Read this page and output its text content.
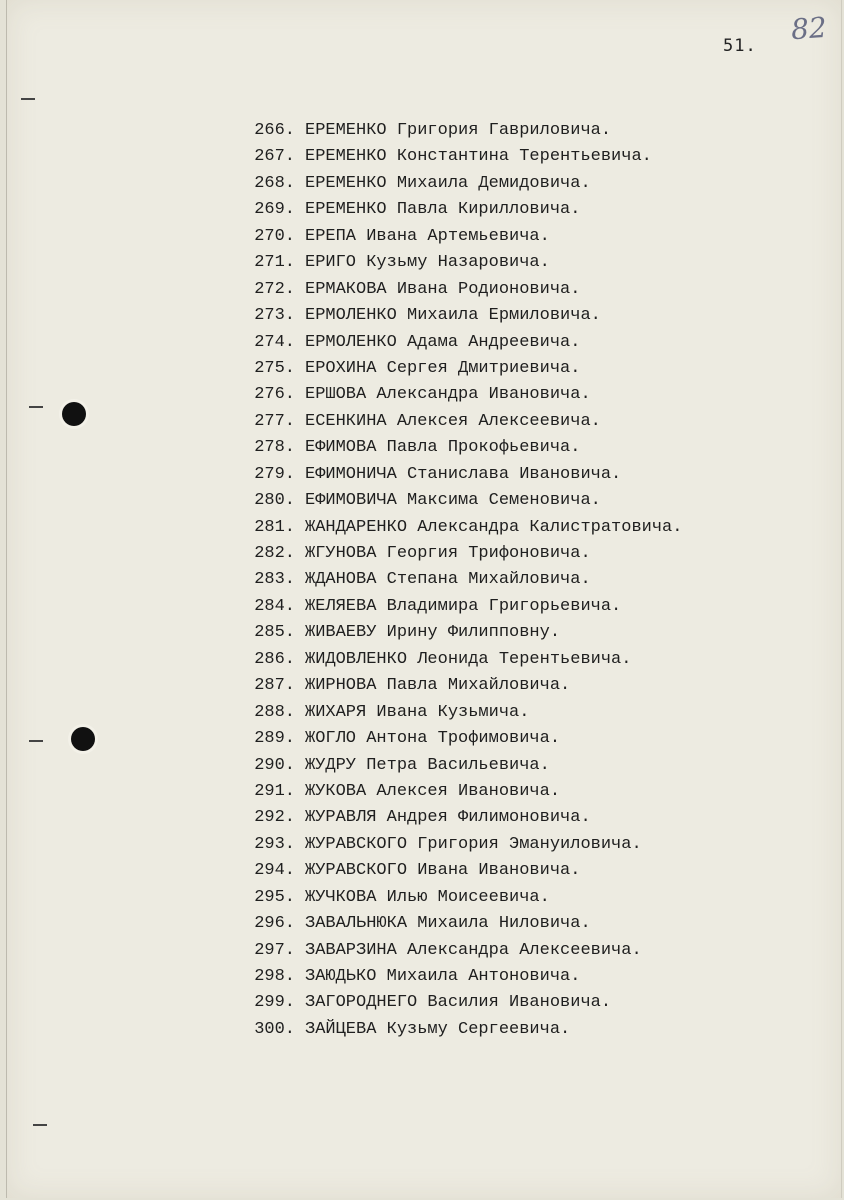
51. 82
266. ЕРЕМЕНКО Григория Гавриловича.
267. ЕРЕМЕНКО Константина Терентьевича.
268. ЕРЕМЕНКО Михаила Демидовича.
269. ЕРЕМЕНКО Павла Кирилловича.
270. ЕРЕПА Ивана Артемьевича.
271. ЕРИГО Кузьму Назаровича.
272. ЕРМАКОВА Ивана Родионовича.
273. ЕРМОЛЕНКО Михаила Ермиловича.
274. ЕРМОЛЕНКО Адама Андреевича.
275. ЕРОХИНА Сергея Дмитриевича.
276. ЕРШОВА Александра Ивановича.
277. ЕСЕНКИНА Алексея Алексеевича.
278. ЕФИМОВА Павла Прокофьевича.
279. ЕФИМОНИЧА Станислава Ивановича.
280. ЕФИМОВИЧА Максима Семеновича.
281. ЖАНДАРЕНКО Александра Калистратовича.
282. ЖГУНОВА Георгия Трифоновича.
283. ЖДАНОВА Степана Михайловича.
284. ЖЕЛЯЕВА Владимира Григорьевича.
285. ЖИВАЕВУ Ирину Филипповну.
286. ЖИДОВЛЕНКО Леонида Терентьевича.
287. ЖИРНОВА Павла Михайловича.
288. ЖИХАРЯ Ивана Кузьмича.
289. ЖОГЛО Антона Трофимовича.
290. ЖУДРУ Петра Васильевича.
291. ЖУКОВА Алексея Ивановича.
292. ЖУРАВЛЯ Андрея Филимоновича.
293. ЖУРАВСКОГО Григория Эмануиловича.
294. ЖУРАВСКОГО Ивана Ивановича.
295. ЖУЧКОВА Илью Моисеевича.
296. ЗАВАЛЬНЮКА Михаила Ниловича.
297. ЗАВАРЗИНА Александра Алексеевича.
298. ЗАЮДЬКО Михаила Антоновича.
299. ЗАГОРОДНЕГО Василия Ивановича.
300. ЗАЙЦЕВА Кузьму Сергеевича.
